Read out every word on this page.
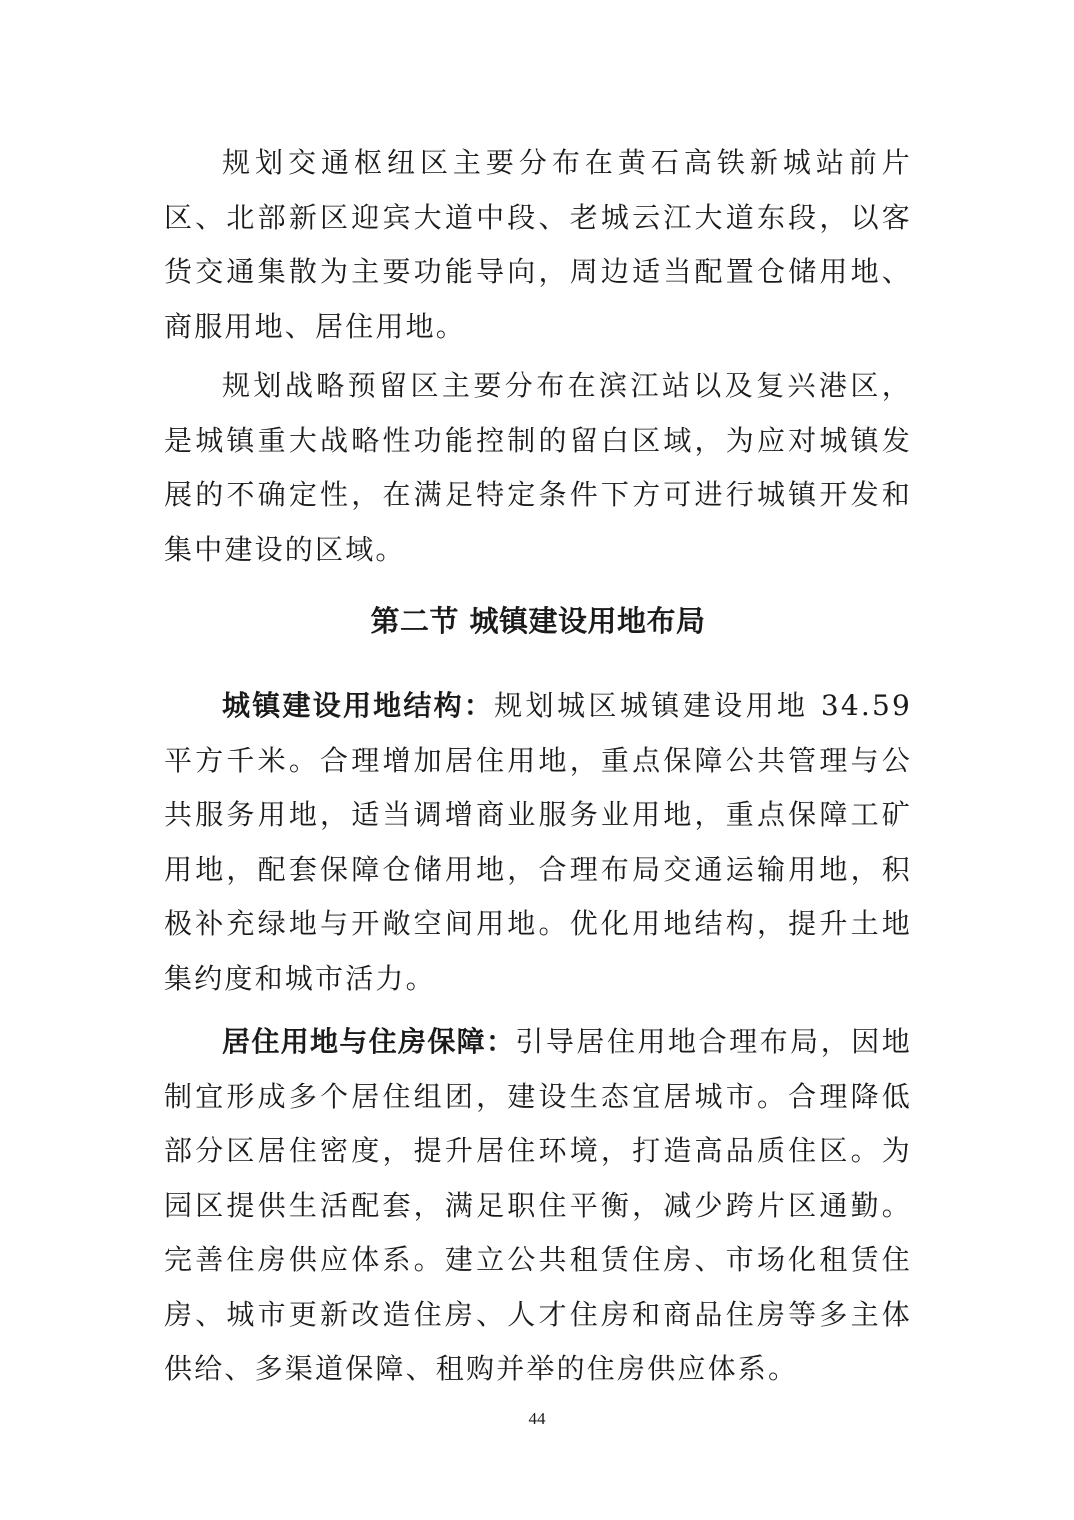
规划交通枢纽区主要分布在黄石高铁新城站前片区、北部新区迎宾大道中段、老城云江大道东段，以客货交通集散为主要功能导向，周边适当配置仓储用地、商服用地、居住用地。

规划战略预留区主要分布在滨江站以及复兴港区，是城镇重大战略性功能控制的留白区域，为应对城镇发展的不确定性，在满足特定条件下方可进行城镇开发和集中建设的区域。

第二节 城镇建设用地布局

城镇建设用地结构：规划城区城镇建设用地 34.59 平方千米。合理增加居住用地，重点保障公共管理与公共服务用地，适当调增商业服务业用地，重点保障工矿用地，配套保障仓储用地，合理布局交通运输用地，积极补充绿地与开敞空间用地。优化用地结构，提升土地集约度和城市活力。

居住用地与住房保障：引导居住用地合理布局，因地制宜形成多个居住组团，建设生态宜居城市。合理降低部分区居住密度，提升居住环境，打造高品质住区。为园区提供生活配套，满足职住平衡，减少跨片区通勤。完善住房供应体系。建立公共租赁住房、市场化租赁住房、城市更新改造住房、人才住房和商品住房等多主体供给、多渠道保障、租购并举的住房供应体系。

44
